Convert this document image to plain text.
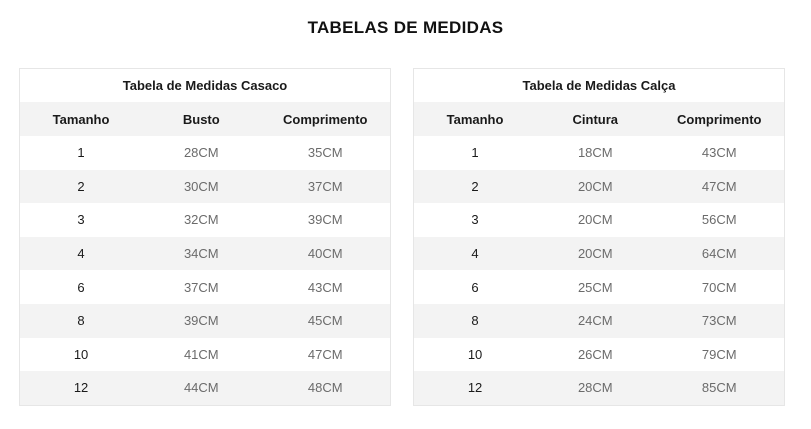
TABELAS DE MEDIDAS
Tabela de Medidas Casaco		
Tamanho	Busto	Comprimento
1	28CM	35CM
2	30CM	37CM
3	32CM	39CM
4	34CM	40CM
6	37CM	43CM
8	39CM	45CM
10	41CM	47CM
12	44CM	48CM
Tabela de Medidas Calça		
Tamanho	Cintura	Comprimento
1	18CM	43CM
2	20CM	47CM
3	20CM	56CM
4	20CM	64CM
6	25CM	70CM
8	24CM	73CM
10	26CM	79CM
12	28CM	85CM
